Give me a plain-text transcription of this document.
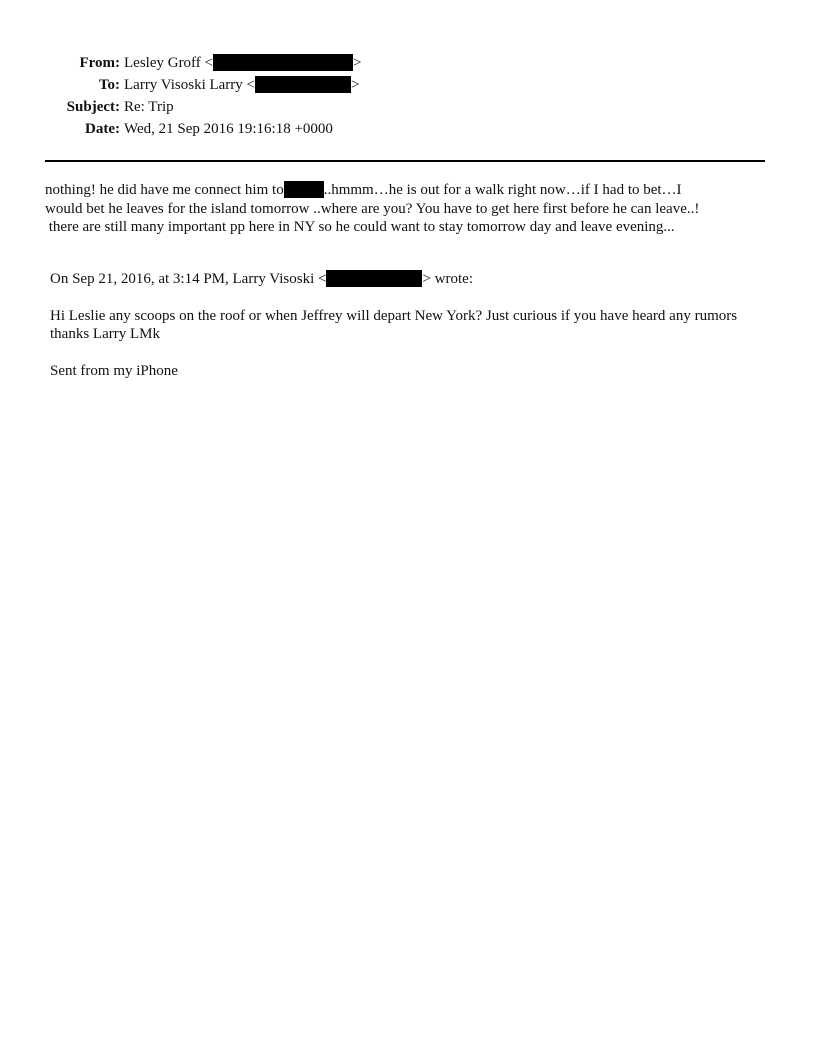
From: Lesley Groff <	>
To: Larry Visoski Larry <	>
Subject: Re: Trip
Date: Wed, 21 Sep 2016 19:16:18 +0000
nothing! he did have me connect him to	..hmmm…he is out for a walk right now…if I had to bet…I
would bet he leaves for the island tomorrow ..where are you? You have to get here first before he can leave..!
there are still many important pp here in NY so he could want to stay tomorrow day and leave evening...
On Sep 21, 2016, at 3:14 PM, Larry Visoski <	> wrote:
Hi Leslie any scoops on the roof or when Jeffrey will depart New York? Just curious if you have heard any rumors thanks Larry LMk
Sent from my iPhone
